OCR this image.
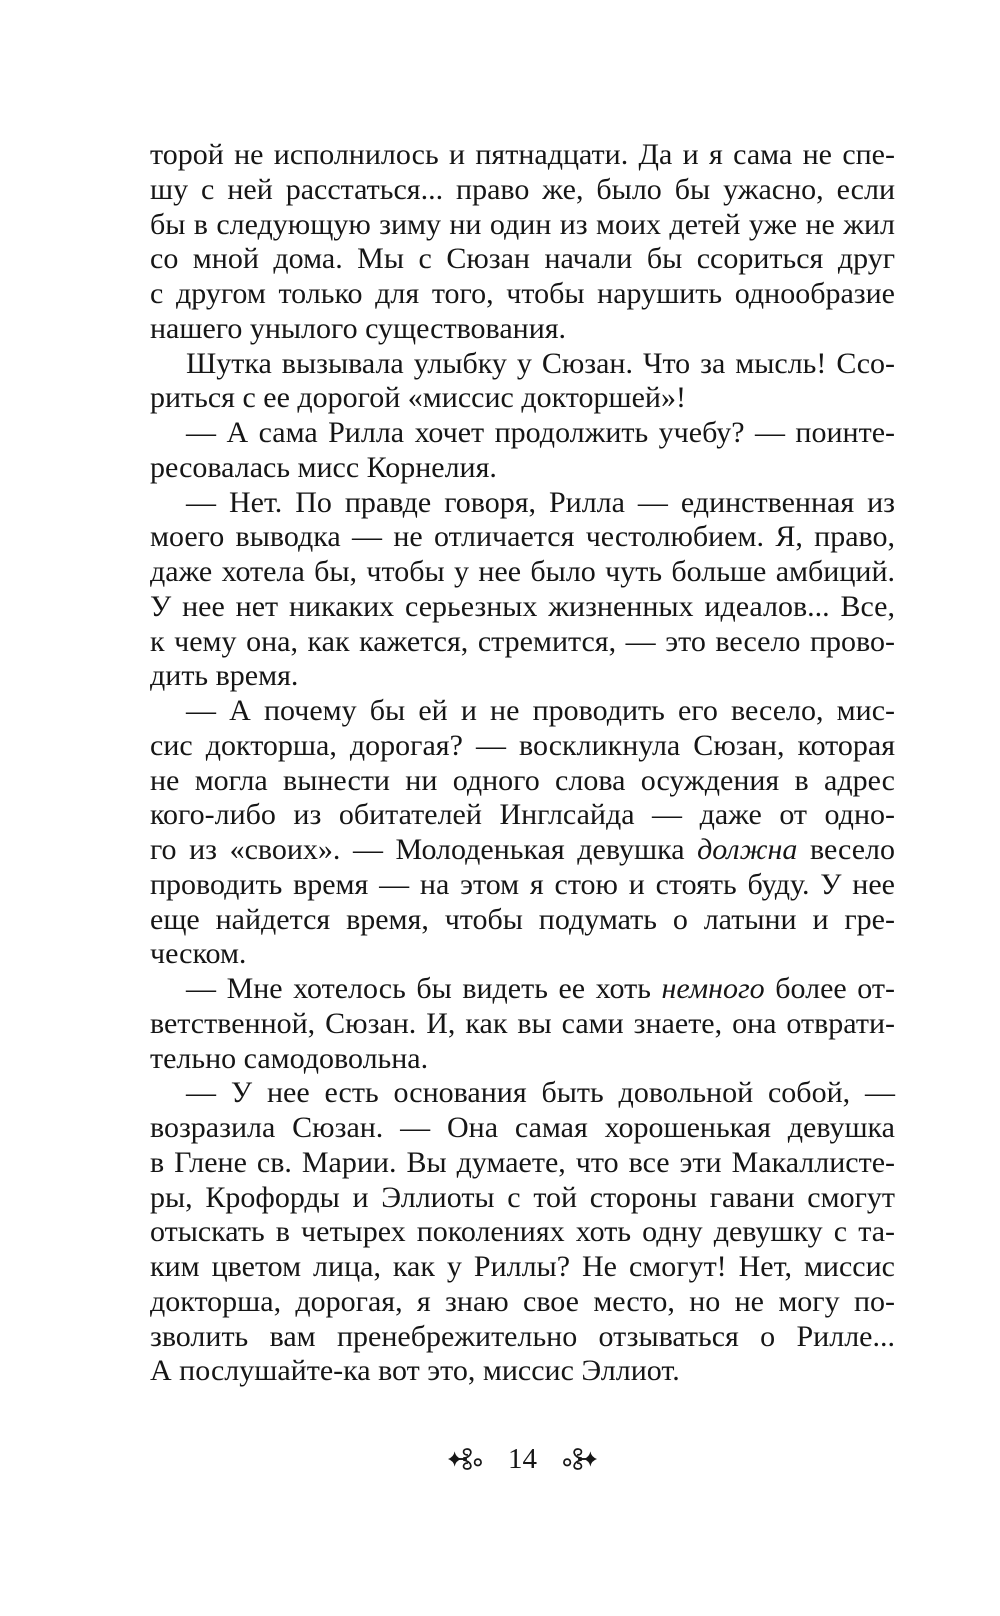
торой не исполнилось и пятнадцати. Да и я сама не спе-
шу с ней расстаться... право же, было бы ужасно, если
бы в следующую зиму ни один из моих детей уже не жил
со мной дома. Мы с Сюзан начали бы ссориться друг
с другом только для того, чтобы нарушить однообразие
нашего унылого существования.
Шутка вызывала улыбку у Сюзан. Что за мысль! Ссо-
риться с ее дорогой «миссис докторшей»!
— А сама Рилла хочет продолжить учебу? — поинте-
ресовалась мисс Корнелия.
— Нет. По правде говоря, Рилла — единственная из
моего выводка — не отличается честолюбием. Я, право,
даже хотела бы, чтобы у нее было чуть больше амбиций.
У нее нет никаких серьезных жизненных идеалов... Все,
к чему она, как кажется, стремится, — это весело прово-
дить время.
— А почему бы ей и не проводить его весело, мис-
сис докторша, дорогая? — воскликнула Сюзан, которая
не могла вынести ни одного слова осуждения в адрес
кого-либо из обитателей Инглсайда — даже от одно-
го из «своих». — Молоденькая девушка должна весело
проводить время — на этом я стою и стоять буду. У нее
еще найдется время, чтобы подумать о латыни и гре-
ческом.
— Мне хотелось бы видеть ее хоть немного более от-
ветственной, Сюзан. И, как вы сами знаете, она отврати-
тельно самодовольна.
— У нее есть основания быть довольной собой, —
возразила Сюзан. — Она самая хорошенькая девушка
в Глене св. Марии. Вы думаете, что все эти Макаллисте-
ры, Крофорды и Эллиоты с той стороны гавани смогут
отыскать в четырех поколениях хоть одну девушку с та-
ким цветом лица, как у Риллы? Не смогут! Нет, миссис
докторша, дорогая, я знаю свое место, но не могу по-
зволить вам пренебрежительно отзываться о Рилле...
А послушайте-ка вот это, миссис Эллиот.
14
